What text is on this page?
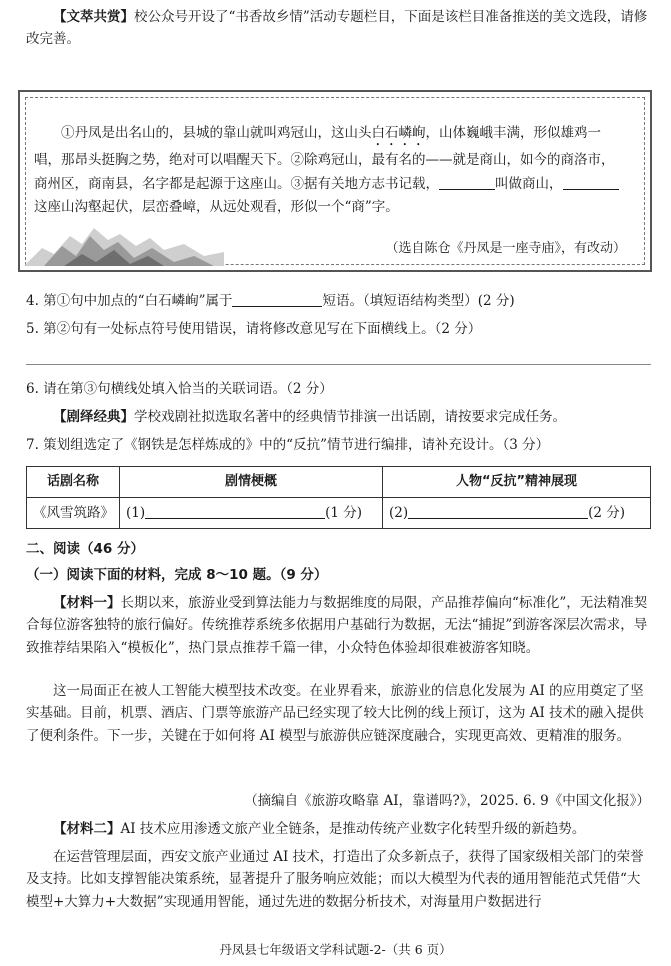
【文萃共赏】校公众号开设了“书香故乡情”活动专题栏目，下面是该栏目准备推送的美文选段，请修改完善。

①丹凤是出名山的，县城的靠山就叫鸡冠山，这山头白石嶙峋，山体巍峨丰满，形似雄鸡一唱，那昂头挺胸之势，绝对可以唱醒天下。②除鸡冠山，最有名的——就是商山，如今的商洛市，商州区，商南县，名字都是起源于这座山。③据有关地方志书记载，	叫做商山，这座山沟壑起伏，层峦叠嶂，从远处观看，形似一个“商”字。
（选自陈仓《丹凤是一座寺庙》，有改动）

4. 第①句中加点的“白石嶙峋”属于	短语。（填短语结构类型）(2 分)

5. 第②句有一处标点符号使用错误，请将修改意见写在下面横线上。（2 分）

6. 请在第③句横线处填入恰当的关联词语。（2 分）

【剧绎经典】学校戏剧社拟选取名著中的经典情节排演一出话剧，请按要求完成任务。

7. 策划组选定了《钢铁是怎样炼成的》中的“反抗”情节进行编排，请补充设计。（3 分）

话剧名称	剧情梗概	人物“反抗”精神展现
《风雪筑路》	(1) (1 分)	(2) (2 分)

二、阅读（46 分）

（一）阅读下面的材料，完成 8～10 题。（9 分）

【材料一】长期以来，旅游业受到算法能力与数据维度的局限，产品推荐偏向“标准化”，无法精准契合每位游客独特的旅行偏好。传统推荐系统多依据用户基础行为数据，无法“捕捉”到游客深层次需求，导致推荐结果陷入“模板化”，热门景点推荐千篇一律，小众特色体验却很难被游客知晓。

这一局面正在被人工智能大模型技术改变。在业界看来，旅游业的信息化发展为 AI 的应用奠定了坚实基础。目前，机票、酒店、门票等旅游产品已经实现了较大比例的线上预订，这为 AI 技术的融入提供了便利条件。下一步，关键在于如何将 AI 模型与旅游供应链深度融合，实现更高效、更精准的服务。

（摘编自《旅游攻略靠 AI，靠谱吗?》，2025. 6. 9《中国文化报》）

【材料二】AI 技术应用渗透文旅产业全链条，是推动传统产业数字化转型升级的新趋势。

在运营管理层面，西安文旅产业通过 AI 技术，打造出了众多新点子，获得了国家级相关部门的荣誉及支持。比如支撑智能决策系统，显著提升了服务响应效能；而以大模型为代表的通用智能范式凭借“大模型+大算力+大数据”实现通用智能，通过先进的数据分析技术，对海量用户数据进行

丹凤县七年级语文学科试题-2-（共 6 页）
